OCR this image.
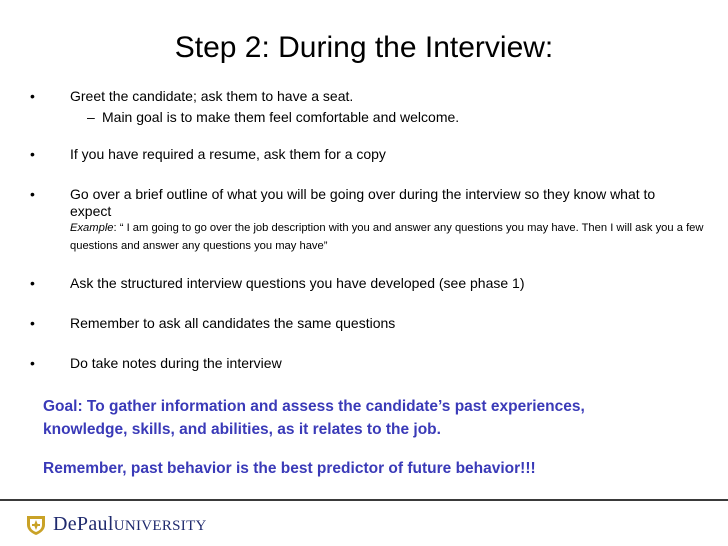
Step 2: During the Interview:
•	Greet the candidate; ask them to have a seat.
– Main goal is to make them feel comfortable and welcome.
•	If you have required a resume, ask them for a copy
•	Go over a brief outline of what you will be going over during the interview so they know what to expect
Example: “ I am going to go over the job description with you and answer any questions you may have. Then I will ask you a few questions and answer any questions you may have”
•	Ask the structured interview questions you have developed (see phase 1)
•	Remember to ask all candidates the same questions
•	Do take notes during the interview
Goal: To gather information and assess the candidate’s past experiences,
knowledge, skills, and abilities, as it relates to the job.
Remember, past behavior is the best predictor of future behavior!!!
DePaulUNIVERSITY
